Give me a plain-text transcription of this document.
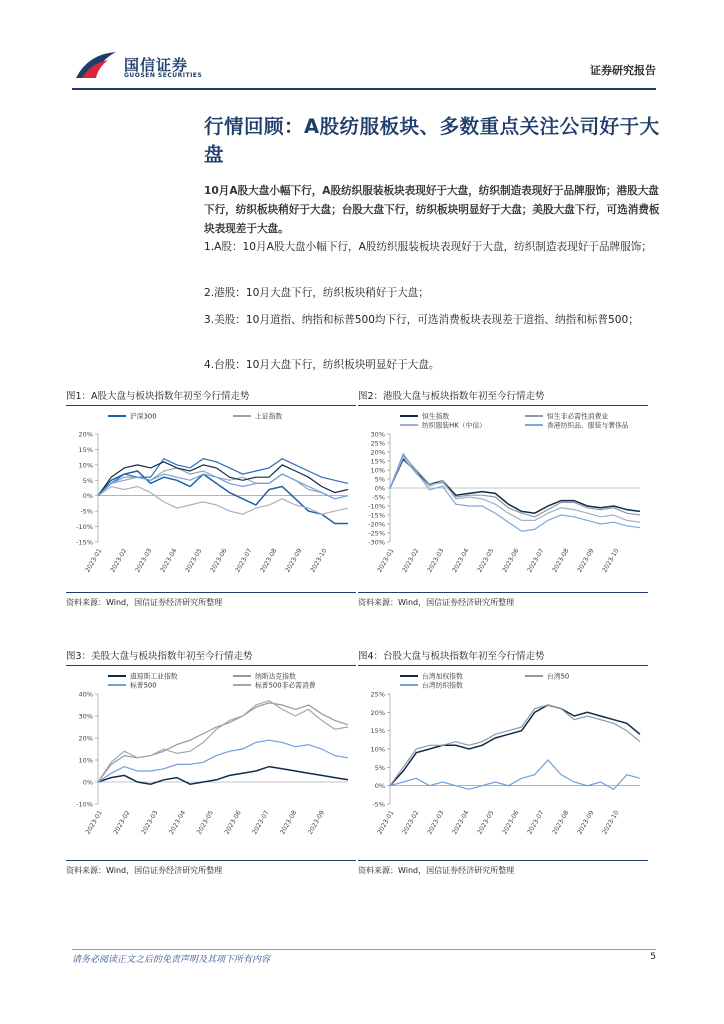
国信证券
GUOSEN SECURITIES	证券研究报告
行情回顾：A股纺服板块、多数重点关注公司好于大盘
10月A股大盘小幅下行，A股纺织服装板块表现好于大盘，纺织制造表现好于品牌服饰；港股大盘下行，纺织板块稍好于大盘；台股大盘下行，纺织板块明显好于大盘；美股大盘下行，可选消费板块表现差于大盘。
1.A股：10月A股大盘小幅下行，A股纺织服装板块表现好于大盘，纺织制造表现好于品牌服饰；
2.港股：10月大盘下行，纺织板块稍好于大盘；
3.美股：10月道指、纳指和标普500均下行，可选消费板块表现差于道指、纳指和标普500；
4.台股：10月大盘下行，纺织板块明显好于大盘。
图1：A股大盘与板块指数年初至今行情走势
-15%
-10%
-5%
0%
5%
10%
15%
20%
2023-01 2023-02 2023-03 2023-04 2023-05 2023-06 2023-07 2023-08 2023-09 2023-10
沪深300	上证指数
资料来源：Wind，国信证券经济研究所整理
图2：港股大盘与板块指数年初至今行情走势
-30%
-25%
-20%
-15%
-10%
-5%
0%
5%
10%
15%
20%
25%
30%
2023-01 2023-02 2023-03 2023-04 2023-05 2023-06 2023-07 2023-08 2023-09 2023-10
恒生指数	恒生非必需性消费业
纺织服装HK（中信）	香港纺织品、服装与奢侈品
资料来源：Wind，国信证券经济研究所整理
图3：美股大盘与板块指数年初至今行情走势
-10%
0%
10%
20%
30%
40%
2023-01 2023-02 2023-03 2023-04 2023-05 2023-06 2023-07 2023-08 2023-09
道琼斯工业指数	纳斯达克指数
标普500	标普500非必需消费
资料来源：Wind，国信证券经济研究所整理
图4：台股大盘与板块指数年初至今行情走势
-5%
0%
5%
10%
15%
20%
25%
2023-01 2023-02 2023-03 2023-04 2023-05 2023-06 2023-07 2023-08 2023-09 2023-10
台湾加权指数	台湾50
台湾纺织指数
资料来源：Wind，国信证券经济研究所整理
请务必阅读正文之后的免责声明及其项下所有内容	5
